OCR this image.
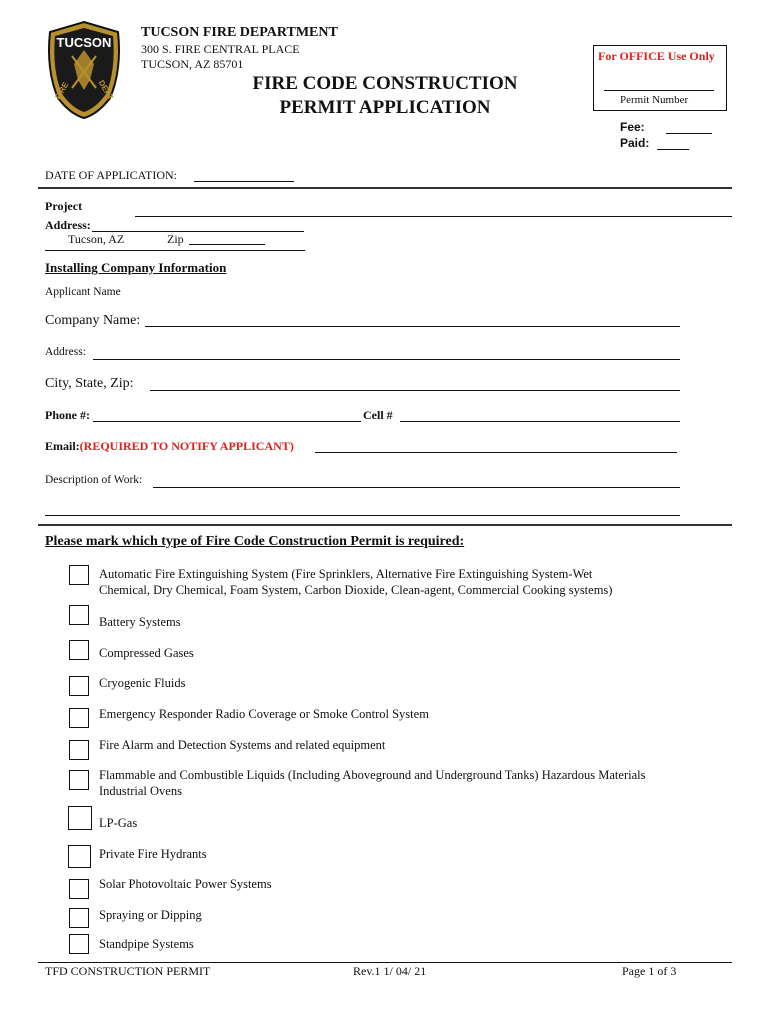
TUCSON
FIRE	DEPT.
TUCSON FIRE DEPARTMENT
300 S. FIRE CENTRAL PLACE
TUCSON, AZ 85701
FIRE CODE CONSTRUCTION
PERMIT APPLICATION
For OFFICE Use Only
Permit Number
Fee:
Paid:
DATE OF APPLICATION:
Project
Address:
Tucson, AZ	Zip
Installing Company Information
Applicant Name
Company Name:
Address:
City, State, Zip:
Phone #:	Cell #
Email:(REQUIRED TO NOTIFY APPLICANT)
Description of Work:
Please mark which type of Fire Code Construction Permit is required:
Automatic Fire Extinguishing System (Fire Sprinklers, Alternative Fire Extinguishing System-Wet
Chemical, Dry Chemical, Foam System, Carbon Dioxide, Clean-agent, Commercial Cooking systems)
Battery Systems
Compressed Gases
Cryogenic Fluids
Emergency Responder Radio Coverage or Smoke Control System
Fire Alarm and Detection Systems and related equipment
Flammable and Combustible Liquids (Including Aboveground and Underground Tanks) Hazardous Materials
Industrial Ovens
LP-Gas
Private Fire Hydrants
Solar Photovoltaic Power Systems
Spraying or Dipping
Standpipe Systems
TFD CONSTRUCTION PERMIT	Rev.1 1/ 04/ 21	Page 1 of 3
